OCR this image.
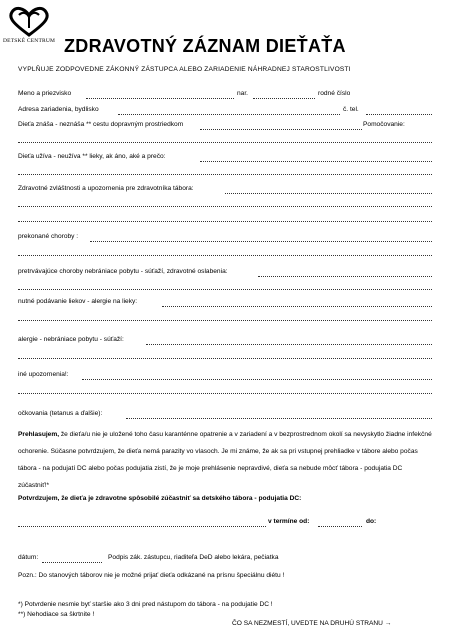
DETSKÉ CENTRUM ZDRAVOTNÝ ZÁZNAM DIEŤAŤA
VYPLŇUJE ZODPOVEDNE ZÁKONNÝ ZÁSTUPCA ALEBO ZARIADENIE NÁHRADNEJ STAROSTLIVOSTI
Meno a priezvisko	nar.	rodné číslo
Adresa zariadenia, bydlisko	č. tel.
Dieťa znáša - neznáša ** cestu dopravným prostriedkom	Pomočovanie:
Dieťa užíva - neužíva ** lieky, ak áno, aké a prečo:
Zdravotné zvláštnosti a upozornenia pre zdravotníka tábora:
prekonané choroby :
pretrvávajúce choroby nebrániace pobytu - súťaží, zdravotné oslabenia:
nutné podávanie liekov - alergie na lieky:
alergie - nebrániace pobytu - súťaží:
iné upozornenia!:
očkovania (tetanus a ďalšie):
Prehlasujem, že dieťa/u nie je uložené toho času karanténne opatrenie a v zariadení a v bezprostrednom okolí sa nevyskytlo žiadne infekčné ochorenie. Súčasne potvrdzujem, že dieťa nemá parazity vo vlasoch. Je mi známe, že ak sa pri vstupnej prehliadke v tábore alebo počas tábora - na podujatí DC alebo počas podujatia zistí, že je moje prehlásenie nepravdivé, dieťa sa nebude môcť tábora - podujatia DC zúčastniť!*
Potvrdzujem, že dieťa je zdravotne spôsobilé zúčastniť sa detského tábora - podujatia DC:
v termíne od:	do:
dátum:	Podpis zák. zástupcu, riaditeľa DeD alebo lekára, pečiatka
Pozn.: Do stanových táborov nie je možné prijať dieťa odkázané na prísnu špeciálnu diétu !
*) Potvrdenie nesmie byť staršie ako 3 dni pred nástupom do tábora - na podujatie DC !
**) Nehodiace sa škrtnite !
ČO SA NEZMESTÍ, UVEDTE NA DRUHÚ STRANU →
